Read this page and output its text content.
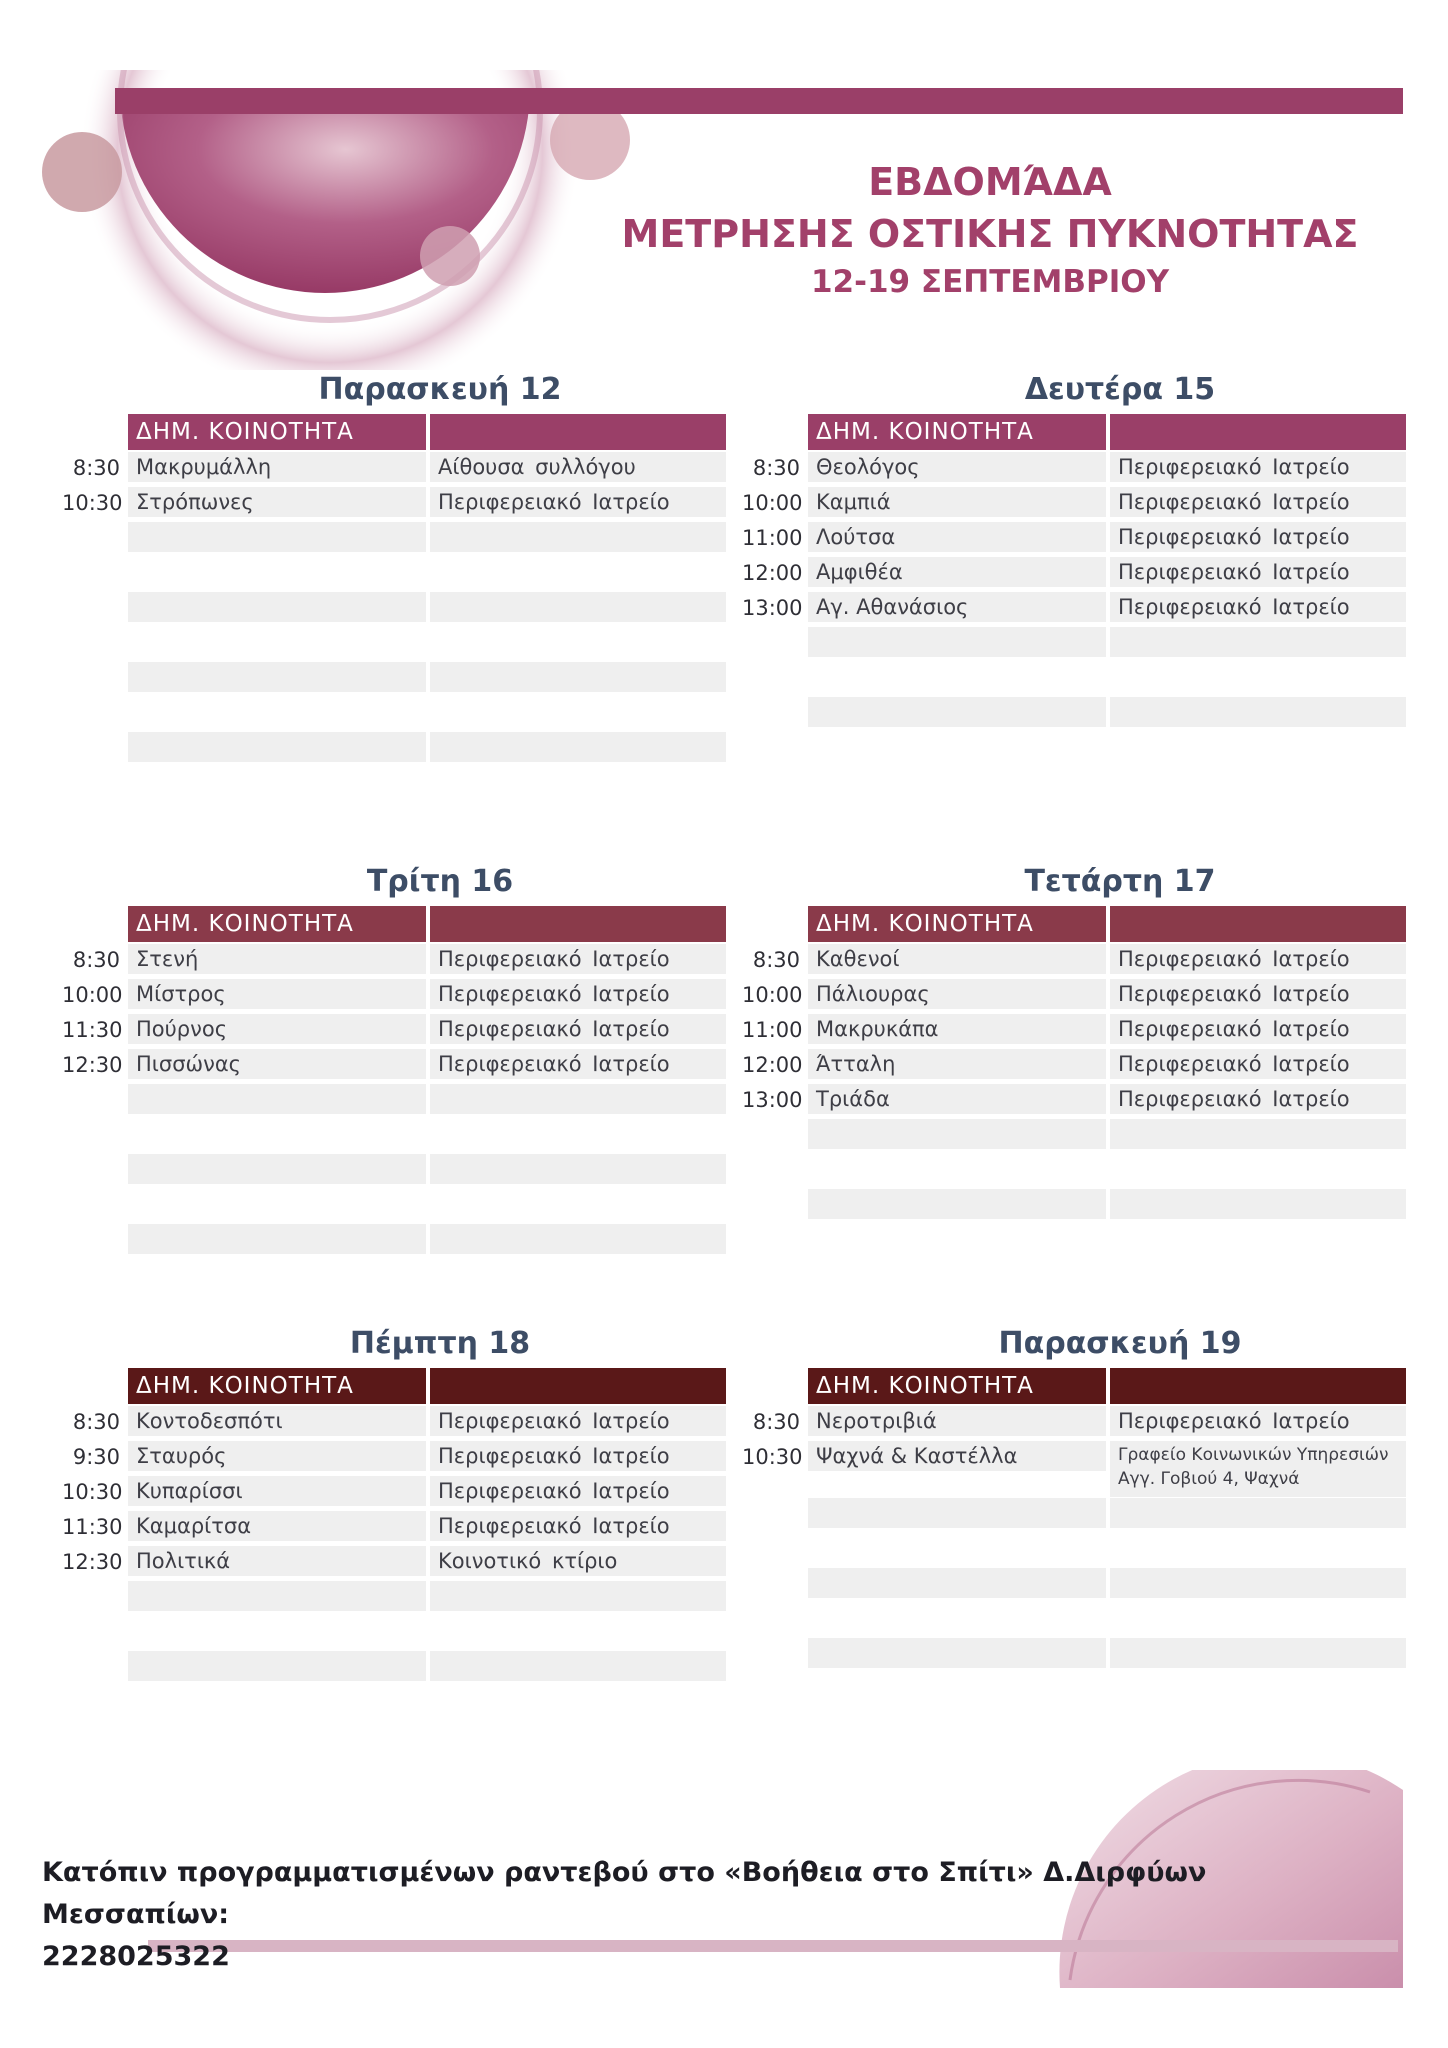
ΕΒΔΟΜΆΔΑ
ΜΕΤΡΗΣΗΣ ΟΣΤΙΚΗΣ ΠΥΚΝΟΤΗΤΑΣ
12-19 ΣΕΠΤΕΜΒΡΙΟΥ
Παρασκευή 12
ΔΗΜ. ΚΟΙΝΟΤΗΤΑ
8:30 Μακρυμάλλη	Αίθουσα συλλόγου
10:30 Στρόπωνες	Περιφερειακό Ιατρείο
Δευτέρα 15
ΔΗΜ. ΚΟΙΝΟΤΗΤΑ
8:30 Θεολόγος	Περιφερειακό Ιατρείο
10:00 Καμπιά	Περιφερειακό Ιατρείο
11:00 Λούτσα	Περιφερειακό Ιατρείο
12:00 Αμφιθέα	Περιφερειακό Ιατρείο
13:00 Αγ. Αθανάσιος	Περιφερειακό Ιατρείο
Τρίτη 16
ΔΗΜ. ΚΟΙΝΟΤΗΤΑ
8:30 Στενή	Περιφερειακό Ιατρείο
10:00 Μίστρος	Περιφερειακό Ιατρείο
11:30 Πούρνος	Περιφερειακό Ιατρείο
12:30 Πισσώνας	Περιφερειακό Ιατρείο
Τετάρτη 17
ΔΗΜ. ΚΟΙΝΟΤΗΤΑ
8:30 Καθενοί	Περιφερειακό Ιατρείο
10:00 Πάλιουρας	Περιφερειακό Ιατρείο
11:00 Μακρυκάπα	Περιφερειακό Ιατρείο
12:00 Άτταλη	Περιφερειακό Ιατρείο
13:00 Τριάδα	Περιφερειακό Ιατρείο
Πέμπτη 18
ΔΗΜ. ΚΟΙΝΟΤΗΤΑ
8:30 Κοντοδεσπότι	Περιφερειακό Ιατρείο
9:30 Σταυρός	Περιφερειακό Ιατρείο
10:30 Κυπαρίσσι	Περιφερειακό Ιατρείο
11:30 Καμαρίτσα	Περιφερειακό Ιατρείο
12:30 Πολιτικά	Κοινοτικό κτίριο
Παρασκευή 19
ΔΗΜ. ΚΟΙΝΟΤΗΤΑ
8:30 Νεροτριβιά	Περιφερειακό Ιατρείο
10:30 Ψαχνά & Καστέλλα	Γραφείο Κοινωνικών Υπηρεσιών Αγγ. Γοβιού 4, Ψαχνά
Κατόπιν προγραμματισμένων ραντεβού στο «Βοήθεια στο Σπίτι» Δ.Διρφύων Μεσσαπίων:
2228025322
